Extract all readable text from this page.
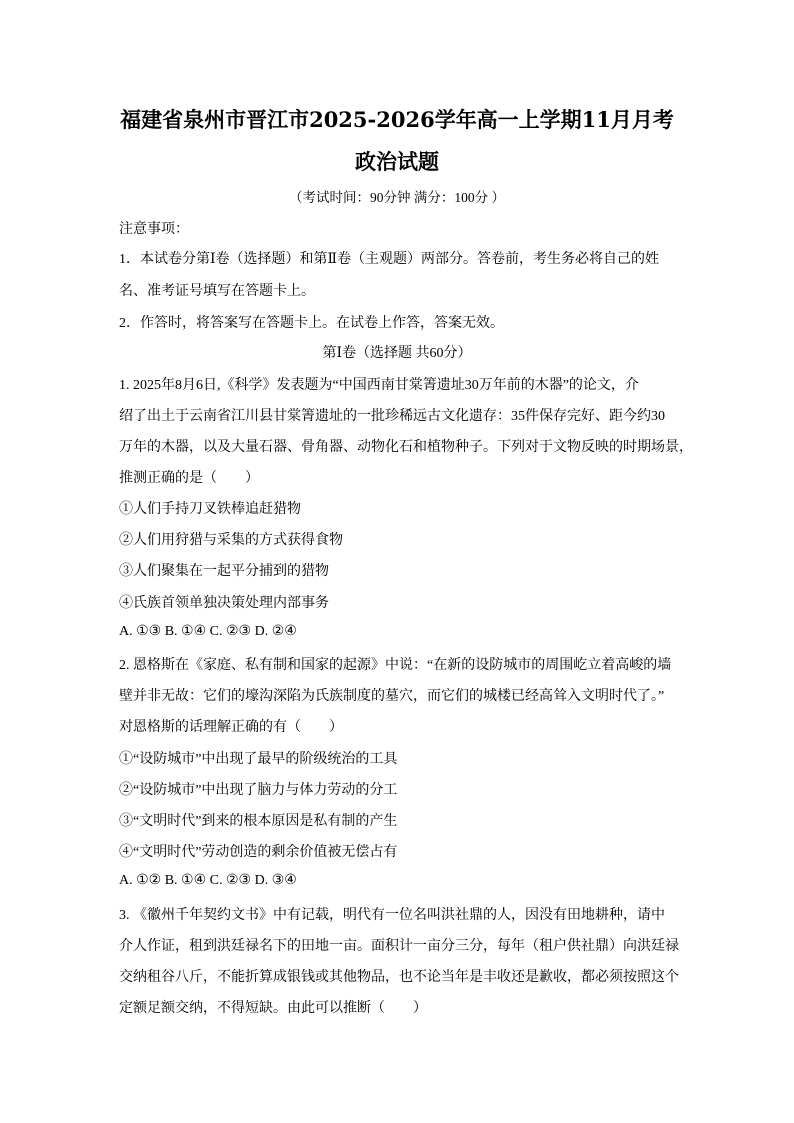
福建省泉州市晋江市2025-2026学年高一上学期11月月考
政治试题
（考试时间：90分钟 满分：100分 ）
注意事项：
1．本试卷分第Ⅰ卷（选择题）和第Ⅱ卷（主观题）两部分。答卷前，考生务必将自己的姓
名、准考证号填写在答题卡上。
2．作答时，将答案写在答题卡上。在试卷上作答，答案无效。
第Ⅰ卷（选择题 共60分）
1. 2025年8月6日,《科学》发表题为“中国西南甘棠箐遗址30万年前的木器”的论文，介
绍了出土于云南省江川县甘棠箐遗址的一批珍稀远古文化遗存：35件保存完好、距今约30
万年的木器，以及大量石器、骨角器、动物化石和植物种子。下列对于文物反映的时期场景，
推测正确的是（　　）
①人们手持刀叉铁棒追赶猎物
②人们用狩猎与采集的方式获得食物
③人们聚集在一起平分捕到的猎物
④氏族首领单独决策处理内部事务
A. ①③ B. ①④ C. ②③ D. ②④
2. 恩格斯在《家庭、私有制和国家的起源》中说：“在新的设防城市的周围屹立着高峻的墙
壁并非无故：它们的壕沟深陷为氏族制度的墓穴，而它们的城楼已经高耸入文明时代了。”
对恩格斯的话理解正确的有（　　）
①“设防城市”中出现了最早的阶级统治的工具
②“设防城市”中出现了脑力与体力劳动的分工
③“文明时代”到来的根本原因是私有制的产生
④“文明时代”劳动创造的剩余价值被无偿占有
A. ①② B. ①④ C. ②③ D. ③④
3. 《徽州千年契约文书》中有记载，明代有一位名叫洪社鼎的人，因没有田地耕种，请中
介人作证，租到洪廷禄名下的田地一亩。面积计一亩分三分，每年（租户供社鼎）向洪廷禄
交纳租谷八斤，不能折算成银钱或其他物品，也不论当年是丰收还是歉收，都必须按照这个
定额足额交纳，不得短缺。由此可以推断（　　）
